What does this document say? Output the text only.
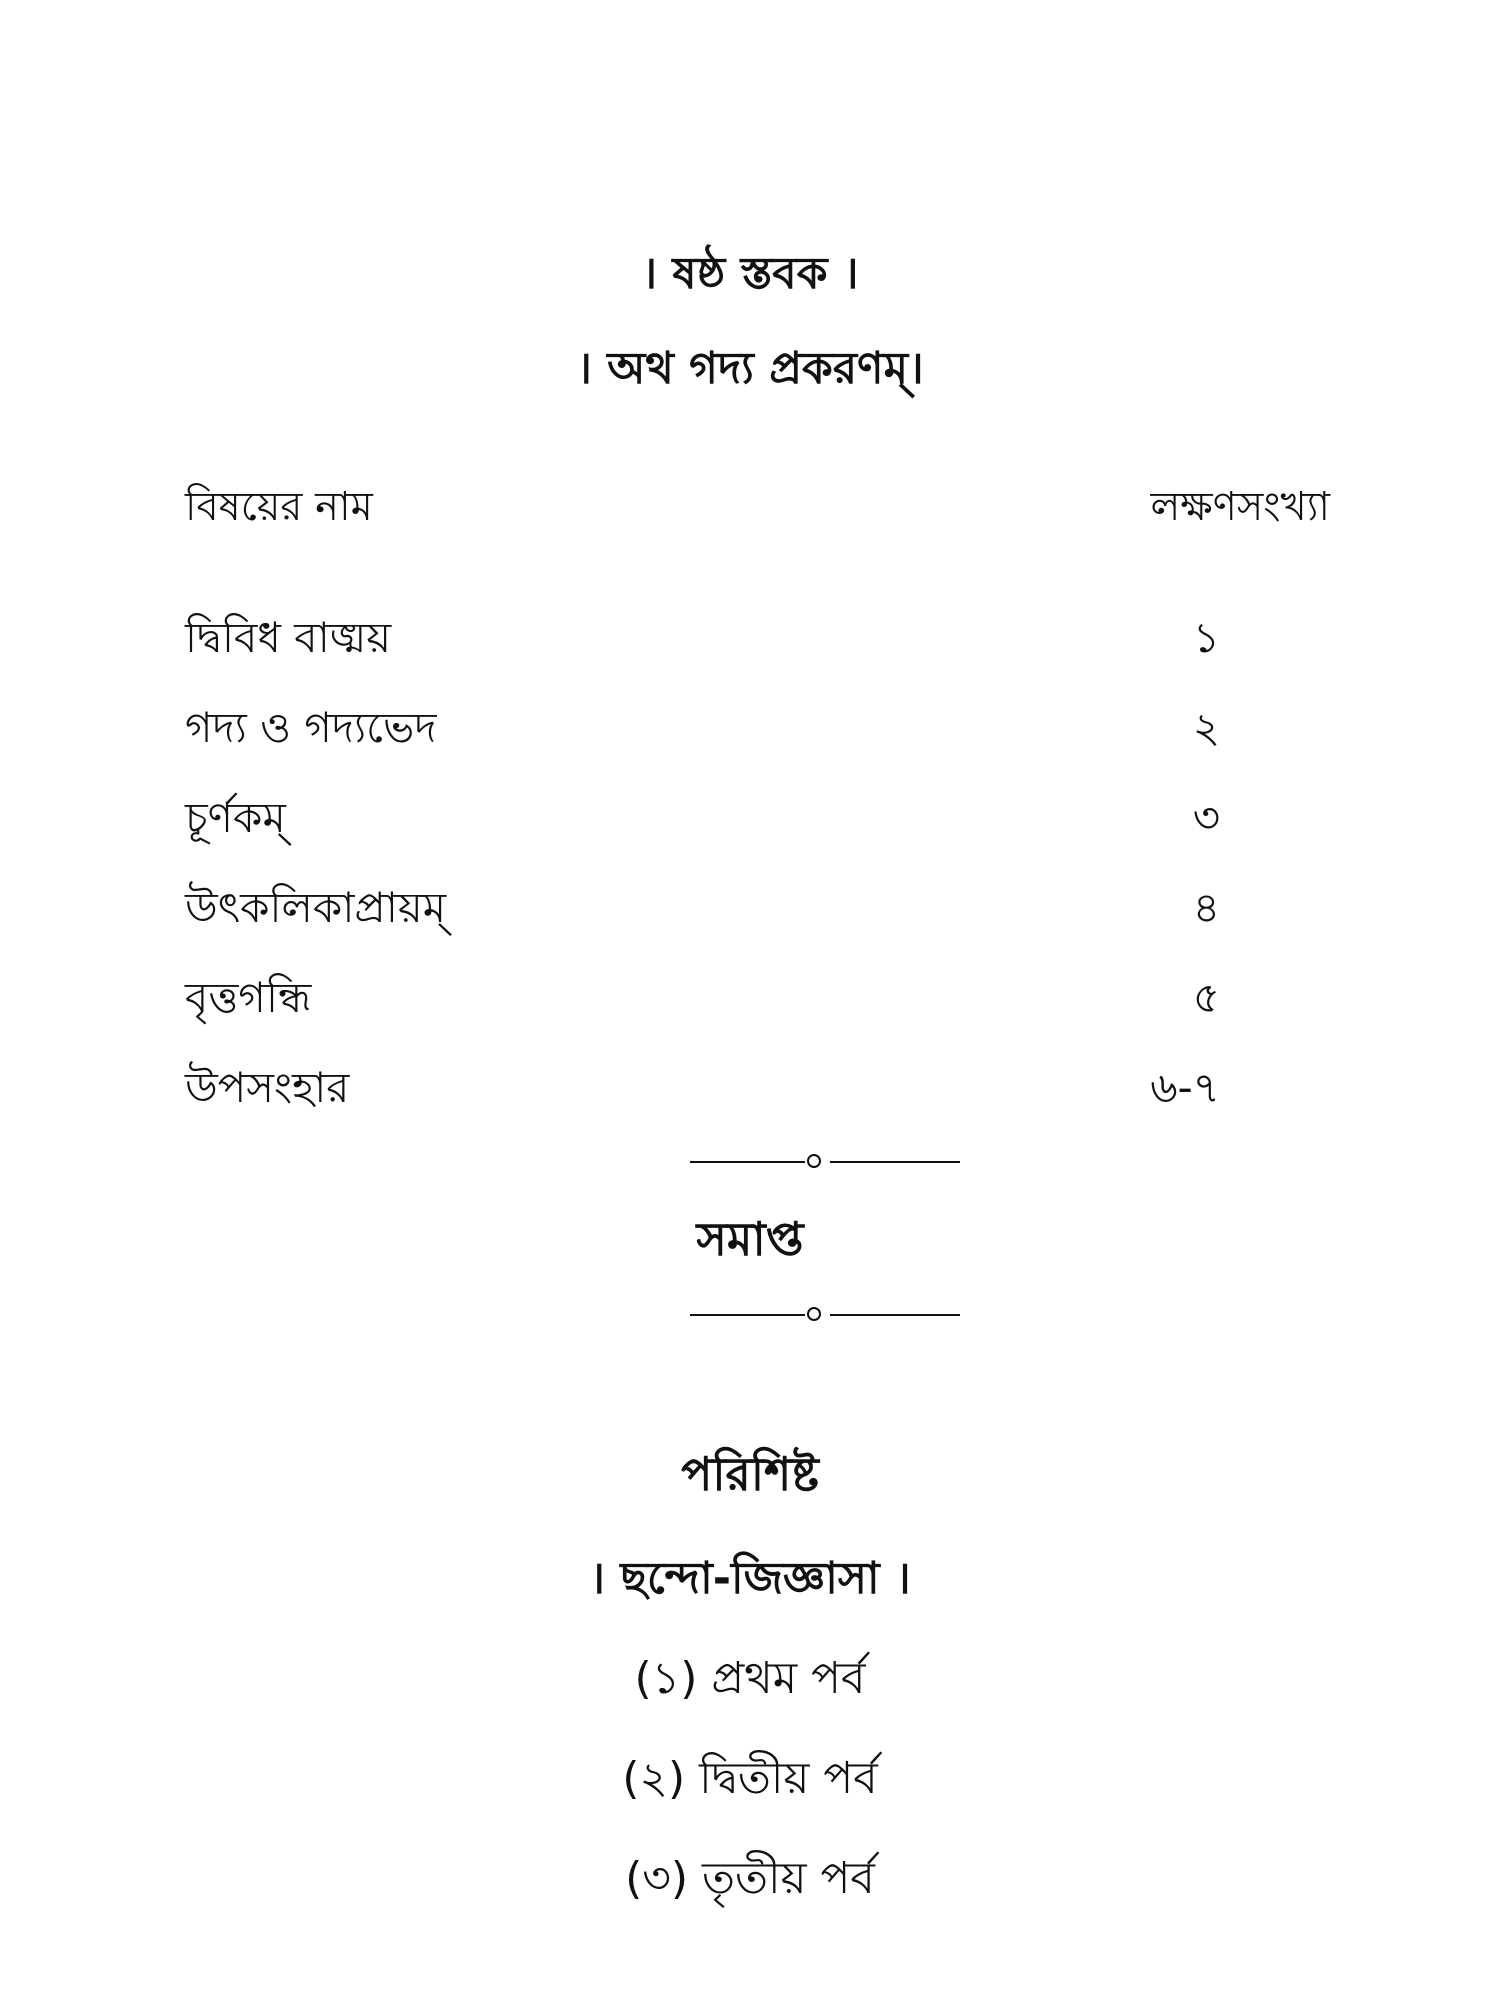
। ষষ্ঠ স্তবক ।
। অথ গদ্য প্রকরণম্।
বিষয়ের নাম	লক্ষণসংখ্যা
দ্বিবিধ বাঙ্ময়	১
গদ্য ও গদ্যভেদ	২
চূর্ণকম্	৩
উৎকলিকাপ্রায়ম্	৪
বৃত্তগন্ধি	৫
উপসংহার	৬-৭
সমাপ্ত
পরিশিষ্ট
। ছন্দো-জিজ্ঞাসা ।
(১) প্রথম পর্ব
(২) দ্বিতীয় পর্ব
(৩) তৃতীয় পর্ব
